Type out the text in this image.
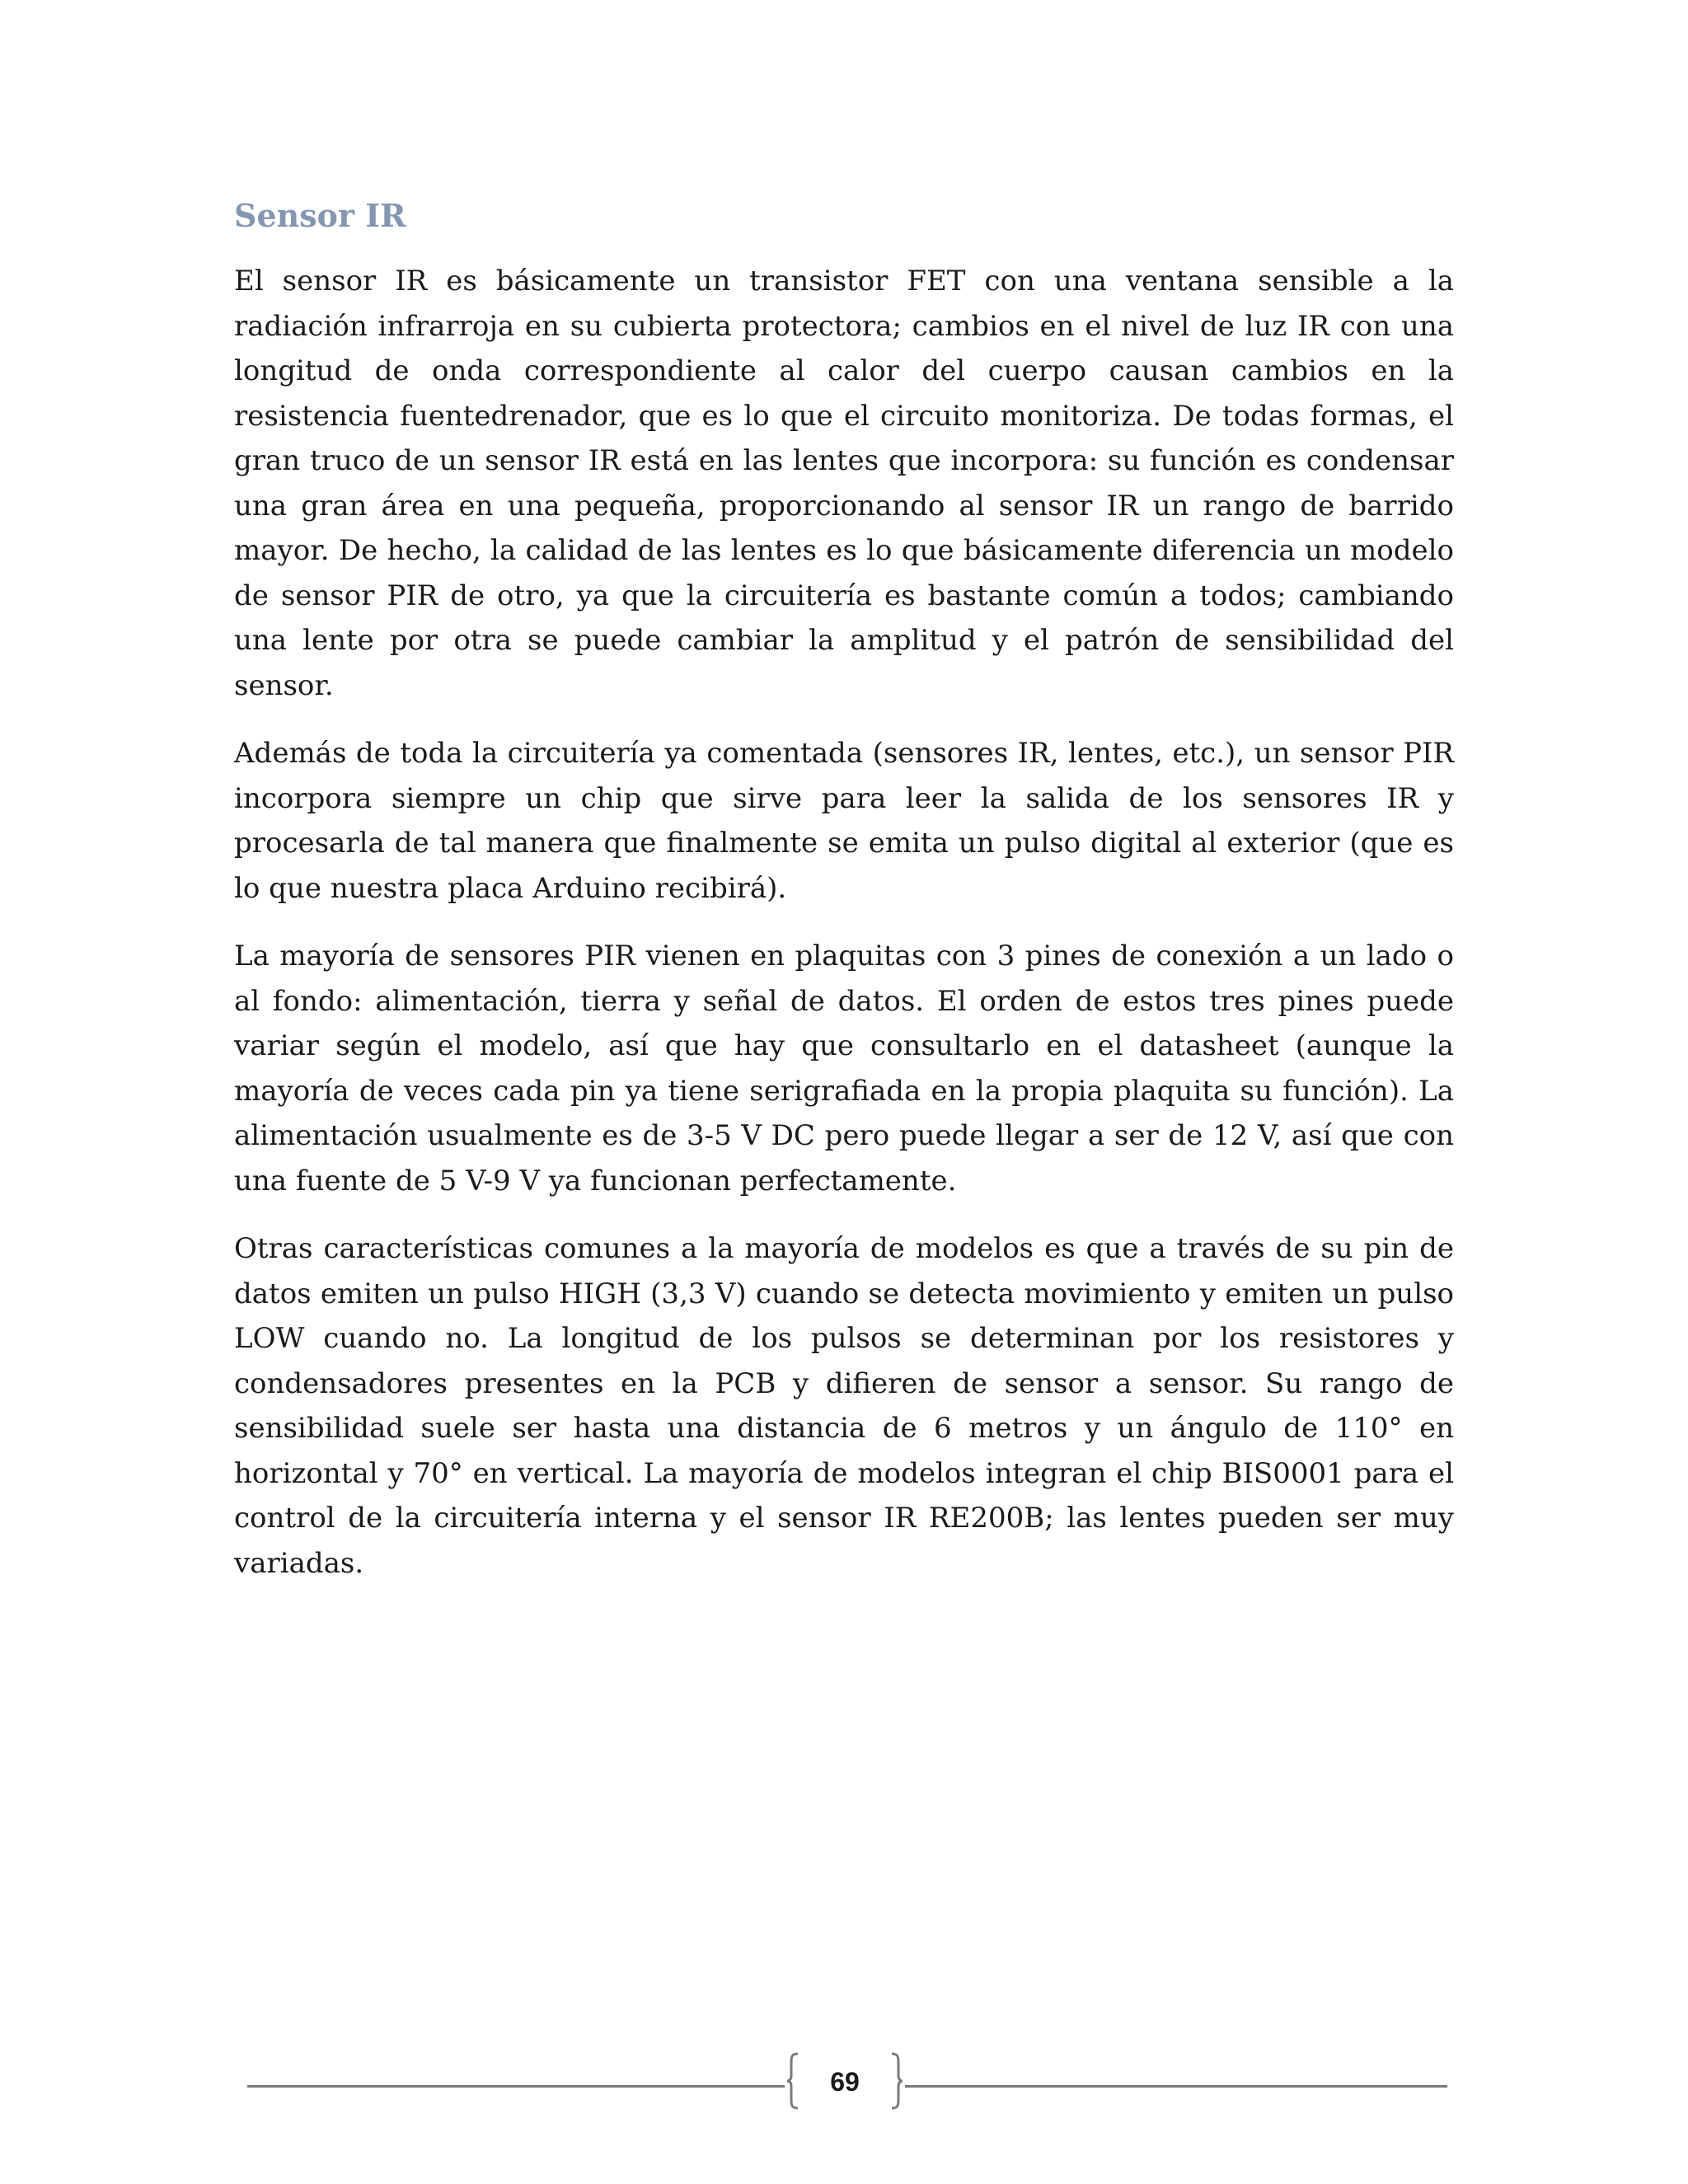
Sensor IR

El sensor IR es básicamente un transistor FET con una ventana sensible a la radiación infrarroja en su cubierta protectora; cambios en el nivel de luz IR con una longitud de onda correspondiente al calor del cuerpo causan cambios en la resistencia fuentedrenador, que es lo que el circuito monitoriza. De todas formas, el gran truco de un sensor IR está en las lentes que incorpora: su función es condensar una gran área en una pequeña, proporcionando al sensor IR un rango de barrido mayor. De hecho, la calidad de las lentes es lo que básicamente diferencia un modelo de sensor PIR de otro, ya que la circuitería es bastante común a todos; cambiando una lente por otra se puede cambiar la amplitud y el patrón de sensibilidad del sensor.

Además de toda la circuitería ya comentada (sensores IR, lentes, etc.), un sensor PIR incorpora siempre un chip que sirve para leer la salida de los sensores IR y procesarla de tal manera que finalmente se emita un pulso digital al exterior (que es lo que nuestra placa Arduino recibirá).

La mayoría de sensores PIR vienen en plaquitas con 3 pines de conexión a un lado o al fondo: alimentación, tierra y señal de datos. El orden de estos tres pines puede variar según el modelo, así que hay que consultarlo en el datasheet (aunque la mayoría de veces cada pin ya tiene serigrafiada en la propia plaquita su función). La alimentación usualmente es de 3-5 V DC pero puede llegar a ser de 12 V, así que con una fuente de 5 V-9 V ya funcionan perfectamente.

Otras características comunes a la mayoría de modelos es que a través de su pin de datos emiten un pulso HIGH (3,3 V) cuando se detecta movimiento y emiten un pulso LOW cuando no. La longitud de los pulsos se determinan por los resistores y condensadores presentes en la PCB y difieren de sensor a sensor. Su rango de sensibilidad suele ser hasta una distancia de 6 metros y un ángulo de 110° en horizontal y 70° en vertical. La mayoría de modelos integran el chip BIS0001 para el control de la circuitería interna y el sensor IR RE200B; las lentes pueden ser muy variadas.

69
